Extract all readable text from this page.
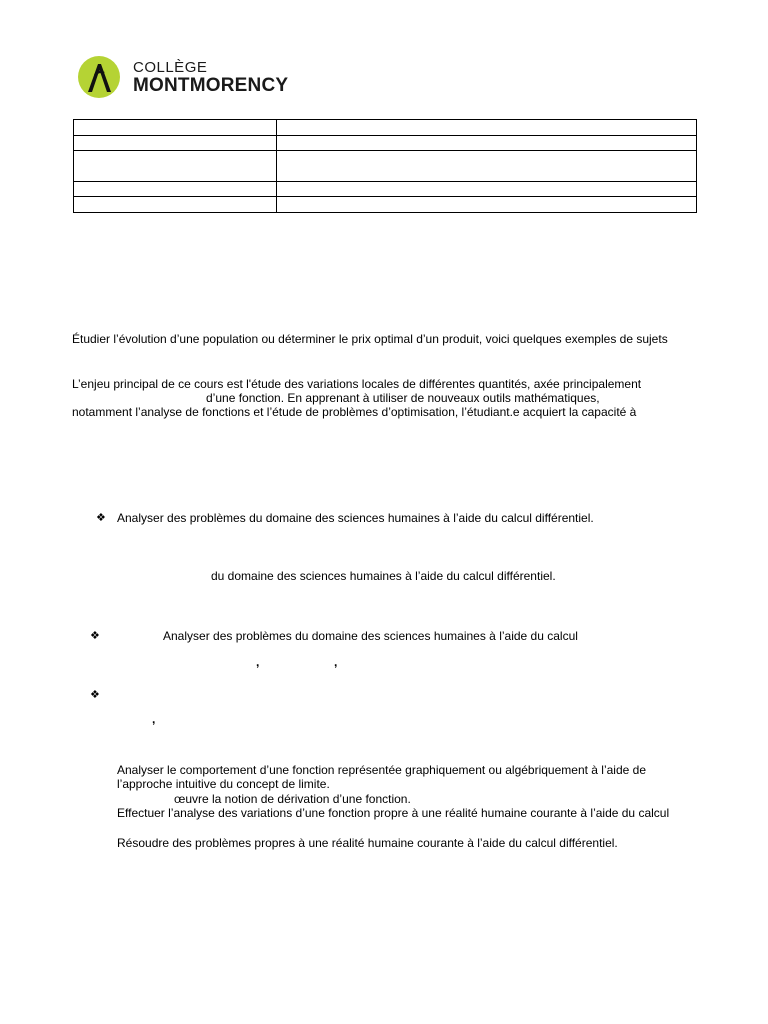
COLLÈGE
MONTMORENCY

Étudier l’évolution d’une population ou déterminer le prix optimal d’un produit, voici quelques exemples de sujets
L’enjeu principal de ce cours est l'étude des variations locales de différentes quantités, axée principalement
d’une fonction. En apprenant à utiliser de nouveaux outils mathématiques,
notamment l’analyse de fonctions et l’étude de problèmes d’optimisation, l’étudiant.e acquiert la capacité à
❖ Analyser des problèmes du domaine des sciences humaines à l’aide du calcul différentiel.
du domaine des sciences humaines à l’aide du calcul différentiel.
❖	Analyser des problèmes du domaine des sciences humaines à l’aide du calcul
,	,
❖
,
Analyser le comportement d’une fonction représentée graphiquement ou algébriquement à l’aide de
l’approche intuitive du concept de limite.
œuvre la notion de dérivation d’une fonction.
Effectuer l’analyse des variations d’une fonction propre à une réalité humaine courante à l’aide du calcul
Résoudre des problèmes propres à une réalité humaine courante à l’aide du calcul différentiel.
